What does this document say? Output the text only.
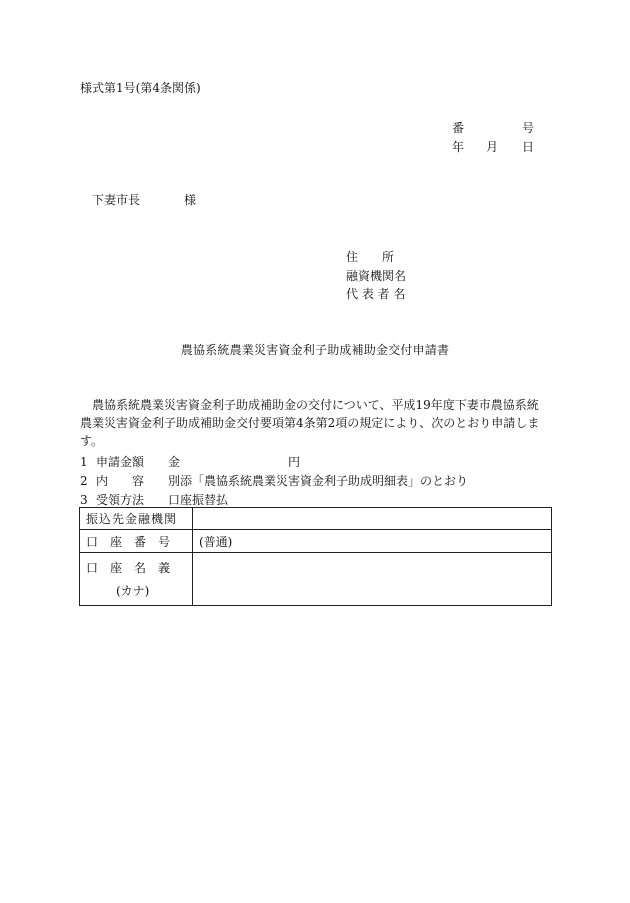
様式第1号(第4条関係)
番	号
年	月	日
下妻市長	様
住　　所
融資機関名
代 表 者 名
農協系統農業災害資金利子助成補助金交付申請書
　農協系統農業災害資金利子助成補助金の交付について、平成19年度下妻市農協系統農業災害資金利子助成補助金交付要項第4条第2項の規定により、次のとおり申請します。
1 申請金額	金　　　　　　　　　円
2 内　　容	別添「農協系統農業災害資金利子助成明細表」のとおり
3 受領方法	口座振替払
振込先金融機関	
口　座　番　号	(普通)
口　座　名　義
(カナ)	
